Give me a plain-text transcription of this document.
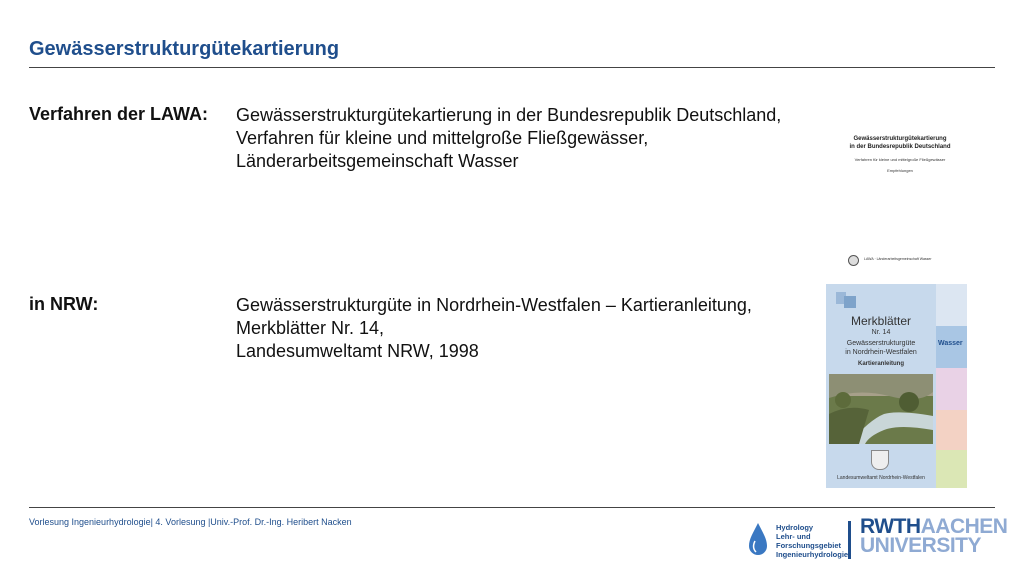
Gewässerstrukturgütekartierung
Verfahren der LAWA: Gewässerstrukturgütekartierung in der Bundesrepublik Deutschland,
Verfahren für kleine und mittelgroße Fließgewässer,
Länderarbeitsgemeinschaft Wasser
in NRW:	Gewässerstrukturgüte in Nordrhein-Westfalen – Kartieranleitung,
Merkblätter Nr. 14,
Landesumweltamt NRW, 1998
Gewässerstrukturgütekartierung
in der Bundesrepublik Deutschland
Verfahren für kleine und mittelgroße Fließgewässer
Empfehlungen
LAWA · Länderarbeitsgemeinschaft Wasser
Wasser
Merkblätter
Nr. 14
Gewässerstrukturgüte
in Nordrhein-Westfalen
Kartieranleitung
Landesumweltamt Nordrhein-Westfalen
Vorlesung Ingenieurhydrologie| 4. Vorlesung |Univ.-Prof. Dr.-Ing. Heribert Nacken
Hydrology
Lehr- und
Forschungsgebiet
Ingenieurhydrologie
RWTHAACHEN
UNIVERSITY
